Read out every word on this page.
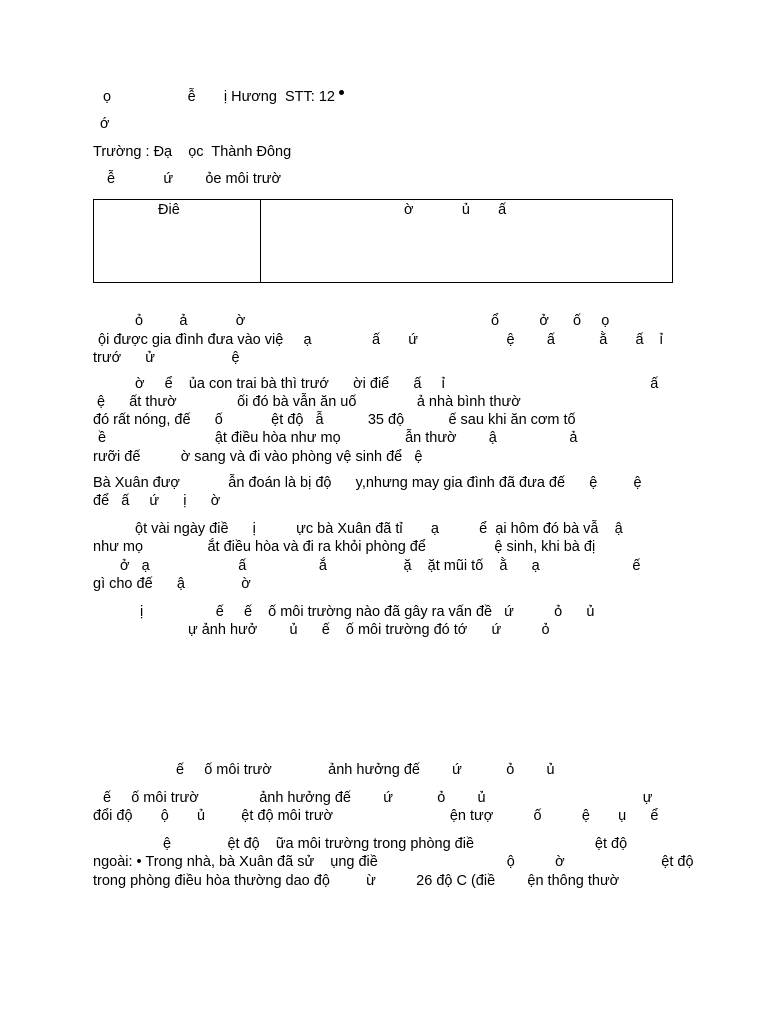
ọ                   ễ       ị Hương  STT: 12
ớ
Trường : Đạ    ọc  Thành Đông
ễ            ứ        ỏe môi trườ
Điê	ờ            ủ       ấ
ỏ         ả            ờ                                                             ổ          ở      ố     ọ
ội được gia đình đưa vào việ     ạ               ấ       ứ                      ệ        ấ           ằ       ấ    ỉ
trướ      ử                   ệ
ờ     ể    ủa con trai bà thì trướ      ời điể      ấ     ỉ                                                   ấ
ệ      ất thườ               ối đó bà vẫn ăn uố               ả nhà bình thườ
đó rất nóng, đế      ố            ệt độ   ẫ           35 độ           ế sau khi ăn cơm tố
ề                           ật điều hòa như mọ                ẫn thườ        ậ                  ả
rưỡi đế          ờ sang và đi vào phòng vệ sinh để   ệ
Bà Xuân đượ            ẫn đoán là bị độ      y,nhưng may gia đình đã đưa đế      ệ         ệ
để   ấ     ứ      ị      ờ
ột vài ngày điề      ị          ực bà Xuân đã tỉ       ạ          ể  ại hôm đó bà vẫ    ậ
như mọ                ắt điều hòa và đi ra khỏi phòng để                 ệ sinh, khi bà đị
ở   ạ                      ấ                  ắ                   ặ    ặt mũi tố    ằ      ạ                       ế
gì cho đế      ậ              ờ
ị                  ế     ế    ố môi trường nào đã gây ra vấn đề   ứ          ỏ      ủ
ự ảnh hưở        ủ      ế    ố môi trường đó tớ      ứ          ỏ
ế     ố môi trườ              ảnh hưởng đế        ứ           ỏ        ủ
ế     ố môi trườ               ảnh hưởng đế        ứ           ỏ        ủ                                       ự
đổi độ       ộ       ủ         ệt độ môi trườ                             ện tượ          ố          ệ       ụ      ể
ệ              ệt độ    ữa môi trường trong phòng điề                              ệt độ
ngoài: • Trong nhà, bà Xuân đã sử    ụng điề                                ộ          ờ                        ệt độ
trong phòng điều hòa thường dao độ         ừ          26 độ C (điề        ện thông thườ
